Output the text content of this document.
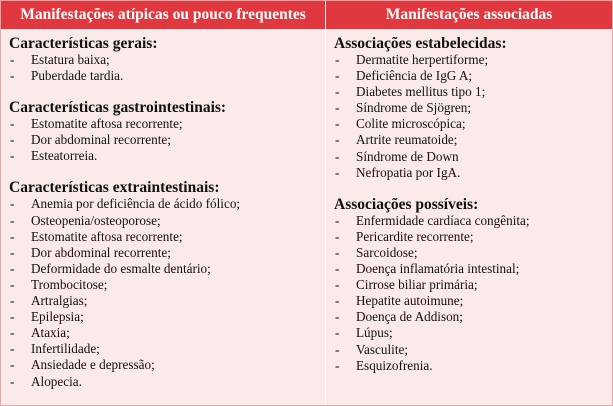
Manifestações atípicas ou pouco frequentes	Manifestações associadas
Características gerais:
- Estatura baixa;
- Puberdade tardia.
Características gastrointestinais:
- Estomatite aftosa recorrente;
- Dor abdominal recorrente;
- Esteatorreia.
Características extraintestinais:
- Anemia por deficiência de ácido fólico;
- Osteopenia/osteoporose;
- Estomatite aftosa recorrente;
- Dor abdominal recorrente;
- Deformidade do esmalte dentário;
- Trombocitose;
- Artralgias;
- Epilepsia;
- Ataxia;
- Infertilidade;
- Ansiedade e depressão;
- Alopecia.
Associações estabelecidas:
- Dermatite herpertiforme;
- Deficiência de IgG A;
- Diabetes mellitus tipo 1;
- Síndrome de Sjögren;
- Colite microscópica;
- Artrite reumatoide;
- Síndrome de Down
- Nefropatia por IgA.
Associações possíveis:
- Enfermidade cardíaca congênita;
- Pericardite recorrente;
- Sarcoidose;
- Doença inflamatória intestinal;
- Cirrose biliar primária;
- Hepatite autoimune;
- Doença de Addison;
- Lúpus;
- Vasculite;
- Esquizofrenia.
